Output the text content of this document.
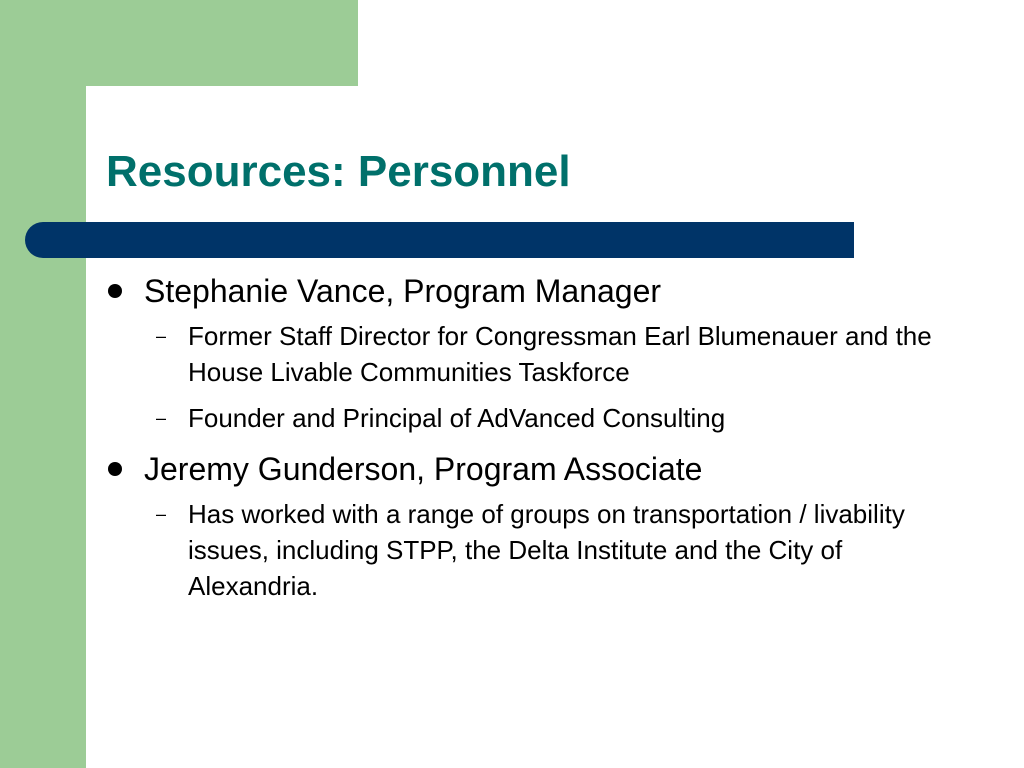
Resources: Personnel
Stephanie Vance, Program Manager
– Former Staff Director for Congressman Earl Blumenauer and the House Livable Communities Taskforce
– Founder and Principal of AdVanced Consulting
Jeremy Gunderson, Program Associate
– Has worked with a range of groups on transportation / livability issues, including STPP, the Delta Institute and the City of Alexandria.
